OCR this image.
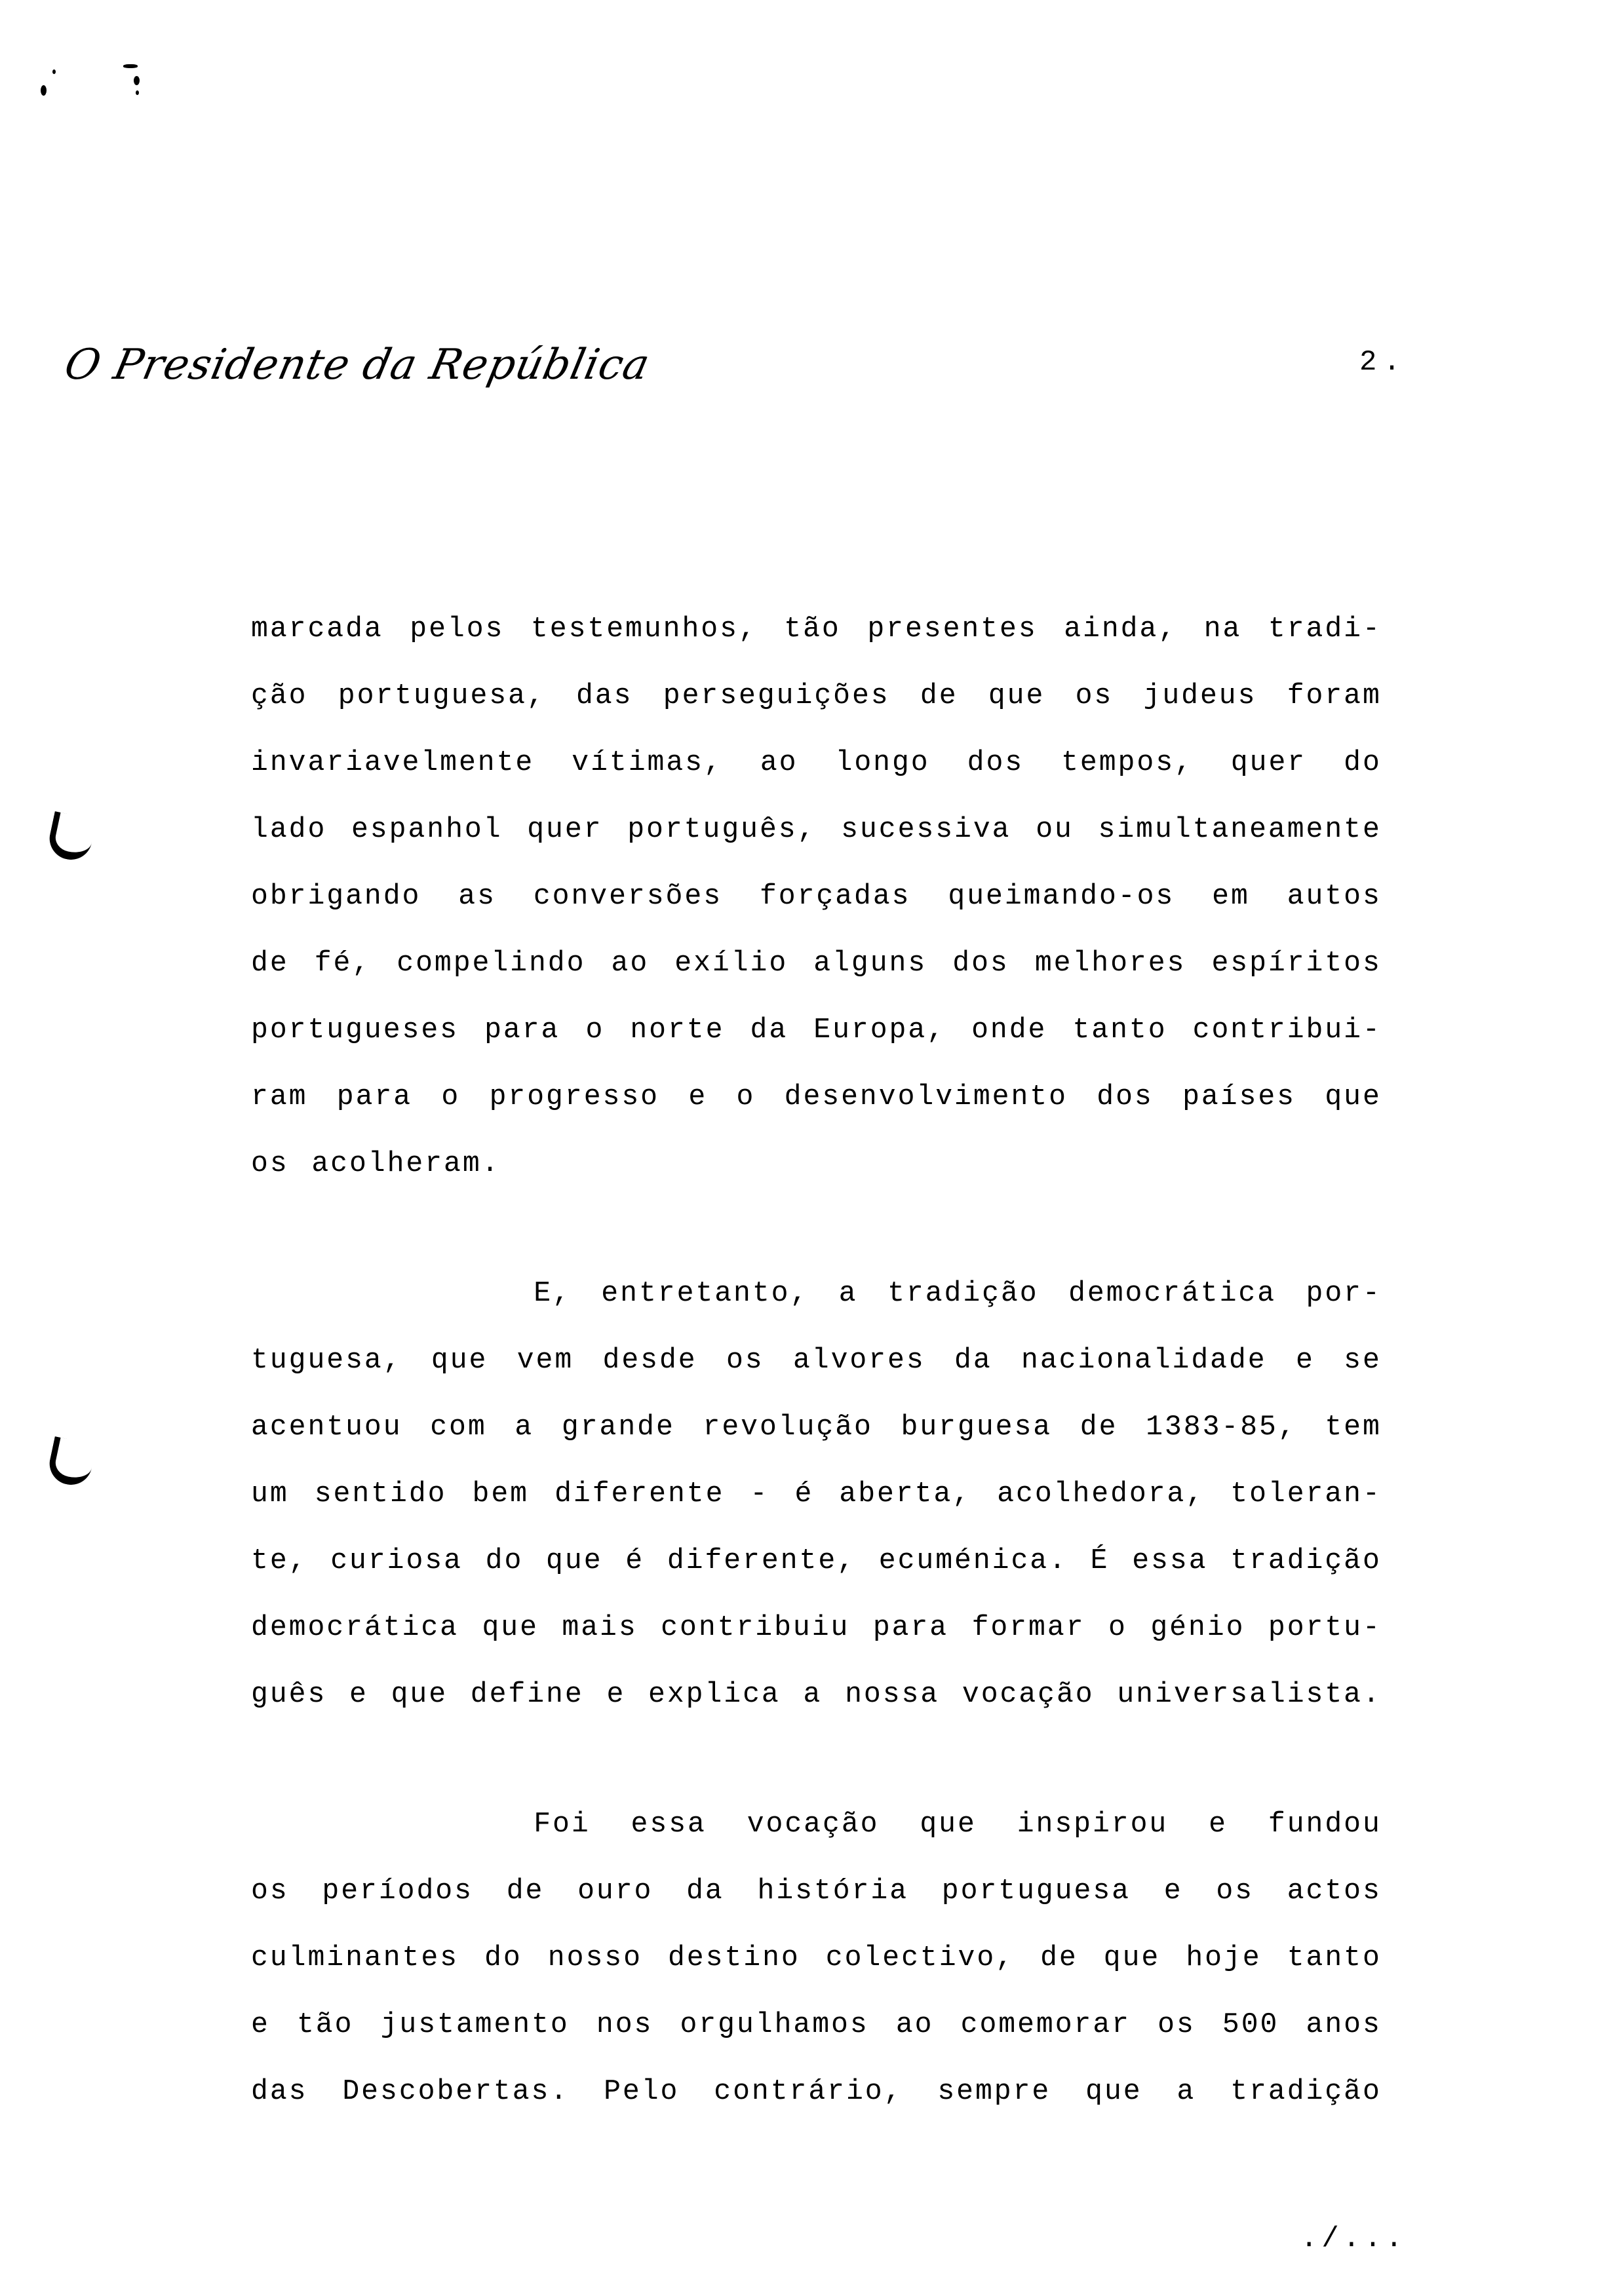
O Presidente da República	2.
marcada pelos testemunhos, tão presentes ainda, na tradi-
ção portuguesa, das perseguições de que os judeus foram
invariavelmente vítimas, ao longo dos tempos, quer do
lado espanhol quer português, sucessiva ou simultaneamente
obrigando as conversões forçadas queimando-os em autos
de fé, compelindo ao exílio alguns dos melhores espíritos
portugueses para o norte da Europa, onde tanto contribui-
ram para o progresso e o desenvolvimento dos países que
os acolheram.
E, entretanto, a tradição democrática por-
tuguesa, que vem desde os alvores da nacionalidade e se
acentuou com a grande revolução burguesa de 1383-85, tem
um sentido bem diferente - é aberta, acolhedora, toleran-
te, curiosa do que é diferente, ecuménica. É essa tradição
democrática que mais contribuiu para formar o génio portu-
guês e que define e explica a nossa vocação universalista.
Foi essa vocação que inspirou e fundou
os períodos de ouro da história portuguesa e os actos
culminantes do nosso destino colectivo, de que hoje tanto
e tão justamento nos orgulhamos ao comemorar os 500 anos
das Descobertas. Pelo contrário, sempre que a tradição
./...
